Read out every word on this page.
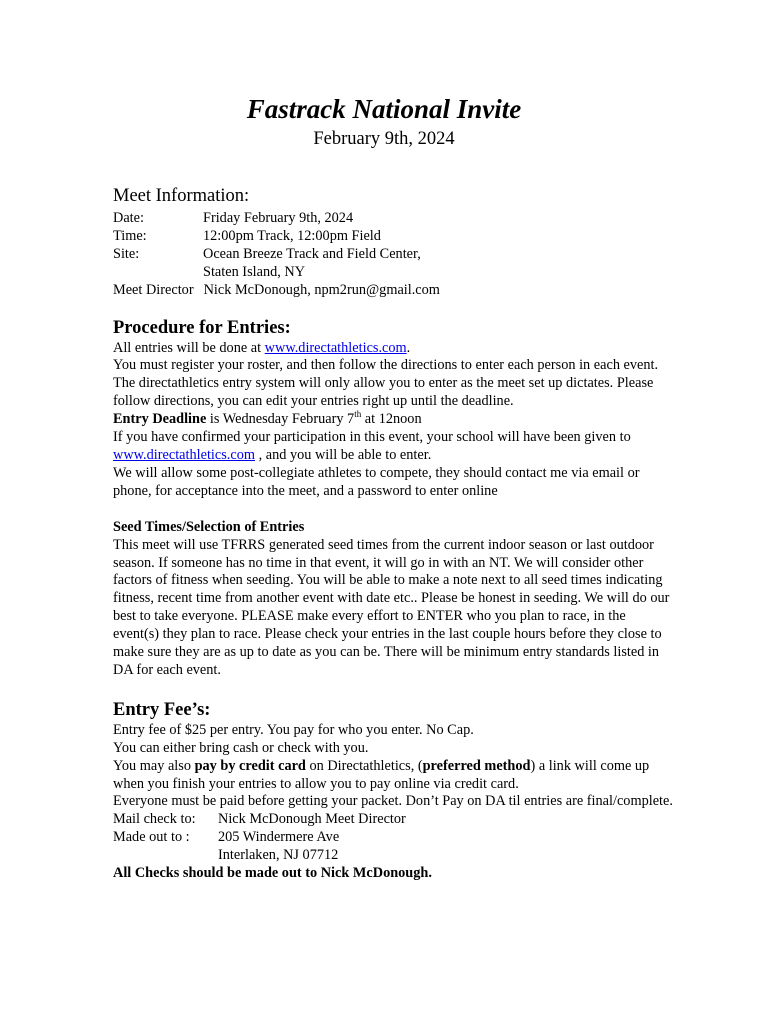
Fastrack National Invite
February 9th, 2024
Meet Information:
Date:	Friday February 9th, 2024
Time:	12:00pm Track, 12:00pm Field
Site:	Ocean Breeze Track and Field Center,
Staten Island, NY
Meet Director Nick McDonough, npm2run@gmail.com
Procedure for Entries:

All entries will be done at www.directathletics.com.

You must register your roster, and then follow the directions to enter each person in each event. The directathletics entry system will only allow you to enter as the meet set up dictates. Please follow directions, you can edit your entries right up until the deadline.

Entry Deadline is Wednesday February 7th at 12noon

If you have confirmed your participation in this event, your school will have been given to www.directathletics.com , and you will be able to enter.

We will allow some post-collegiate athletes to compete, they should contact me via email or phone, for acceptance into the meet, and a password to enter online

Seed Times/Selection of Entries

This meet will use TFRRS generated seed times from the current indoor season or last outdoor season. If someone has no time in that event, it will go in with an NT. We will consider other factors of fitness when seeding. You will be able to make a note next to all seed times indicating fitness, recent time from another event with date etc.. Please be honest in seeding. We will do our best to take everyone. PLEASE make every effort to ENTER who you plan to race, in the event(s) they plan to race. Please check your entries in the last couple hours before they close to make sure they are as up to date as you can be. There will be minimum entry standards listed in DA for each event.

Entry Fee’s:

Entry fee of $25 per entry. You pay for who you enter. No Cap.

You can either bring cash or check with you.

You may also pay by credit card on Directathletics, (preferred method) a link will come up when you finish your entries to allow you to pay online via credit card.

Everyone must be paid before getting your packet. Don’t Pay on DA til entries are final/complete.

Mail check to:	Nick McDonough Meet Director
Made out to :	205 Windermere Ave
Interlaken, NJ 07712

All Checks should be made out to Nick McDonough.
